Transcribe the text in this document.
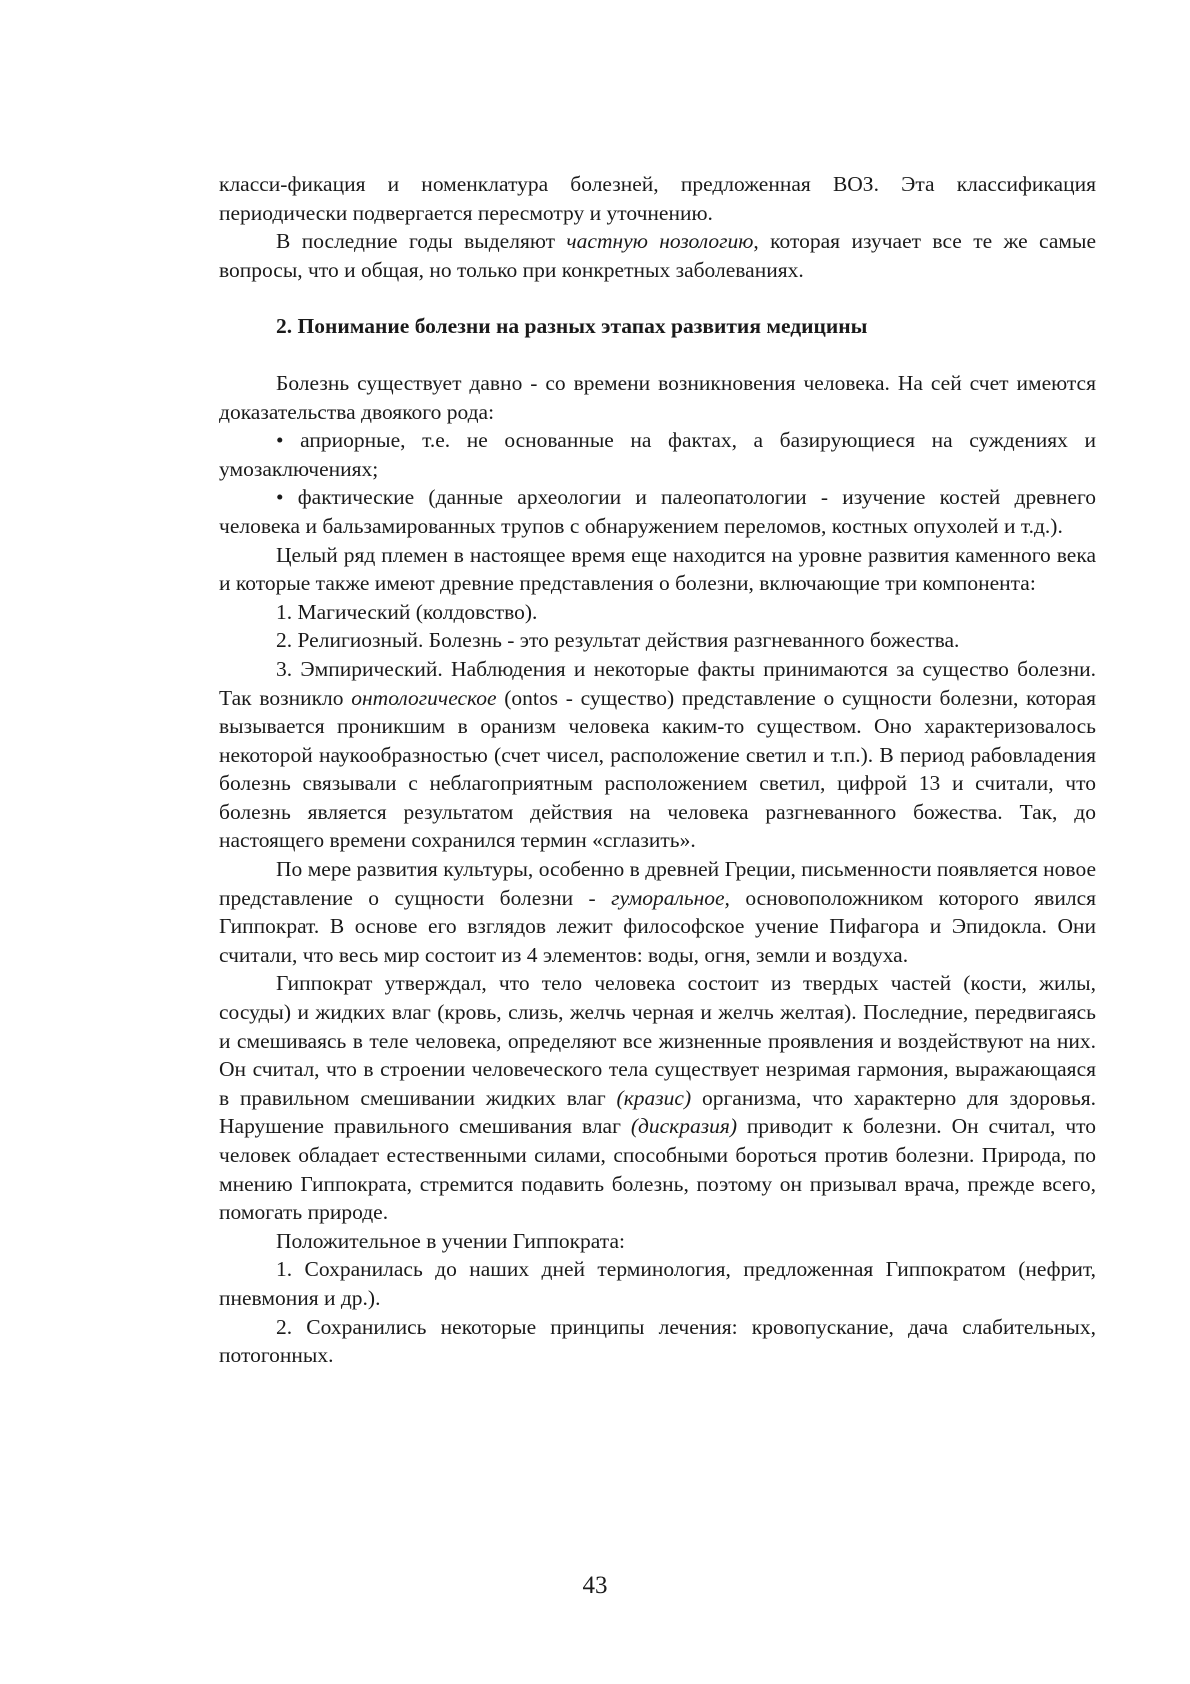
класси-фикация и номенклатура болезней, предложенная ВОЗ. Эта классификация периодически подвергается пересмотру и уточнению.

В последние годы выделяют частную нозологию, которая изучает все те же самые вопросы, что и общая, но только при конкретных заболеваниях.

2. Понимание болезни на разных этапах развития медицины

Болезнь существует давно - со времени возникновения человека. На сей счет имеются доказательства двоякого рода:

• априорные, т.е. не основанные на фактах, а базирующиеся на суждениях и умозаключениях;

• фактические (данные археологии и палеопатологии - изучение костей древнего человека и бальзамированных трупов с обнаружением переломов, костных опухолей и т.д.).

Целый ряд племен в настоящее время еще находится на уровне развития каменного века и которые также имеют древние представления о болезни, включающие три компонента:

1. Магический (колдовство).

2. Религиозный. Болезнь - это результат действия разгневанного божества.

3. Эмпирический. Наблюдения и некоторые факты принимаются за существо болезни. Так возникло онтологическое (ontos - существо) представление о сущности болезни, которая вызывается проникшим в оранизм человека каким-то существом. Оно характеризовалось некоторой наукообразностью (счет чисел, расположение светил и т.п.). В период рабовладения болезнь связывали с неблагоприятным расположением светил, цифрой 13 и считали, что болезнь является результатом действия на человека разгневанного божества. Так, до настоящего времени сохранился термин «сглазить».

По мере развития культуры, особенно в древней Греции, письменности появляется новое представление о сущности болезни - гуморальное, основоположником которого явился Гиппократ. В основе его взглядов лежит философское учение Пифагора и Эпидокла. Они считали, что весь мир состоит из 4 элементов: воды, огня, земли и воздуха.

Гиппократ утверждал, что тело человека состоит из твердых частей (кости, жилы, сосуды) и жидких влаг (кровь, слизь, желчь черная и желчь желтая). Последние, передвигаясь и смешиваясь в теле человека, определяют все жизненные проявления и воздействуют на них. Он считал, что в строении человеческого тела существует незримая гармония, выражающаяся в правильном смешивании жидких влаг (кразис) организма, что характерно для здоровья. Нарушение правильного смешивания влаг (дискразия) приводит к болезни. Он считал, что человек обладает естественными силами, способными бороться против болезни. Природа, по мнению Гиппократа, стремится подавить болезнь, поэтому он призывал врача, прежде всего, помогать природе.

Положительное в учении Гиппократа:

1. Сохранилась до наших дней терминология, предложенная Гиппократом (нефрит, пневмония и др.).

2. Сохранились некоторые принципы лечения: кровопускание, дача слабительных, потогонных.

43
